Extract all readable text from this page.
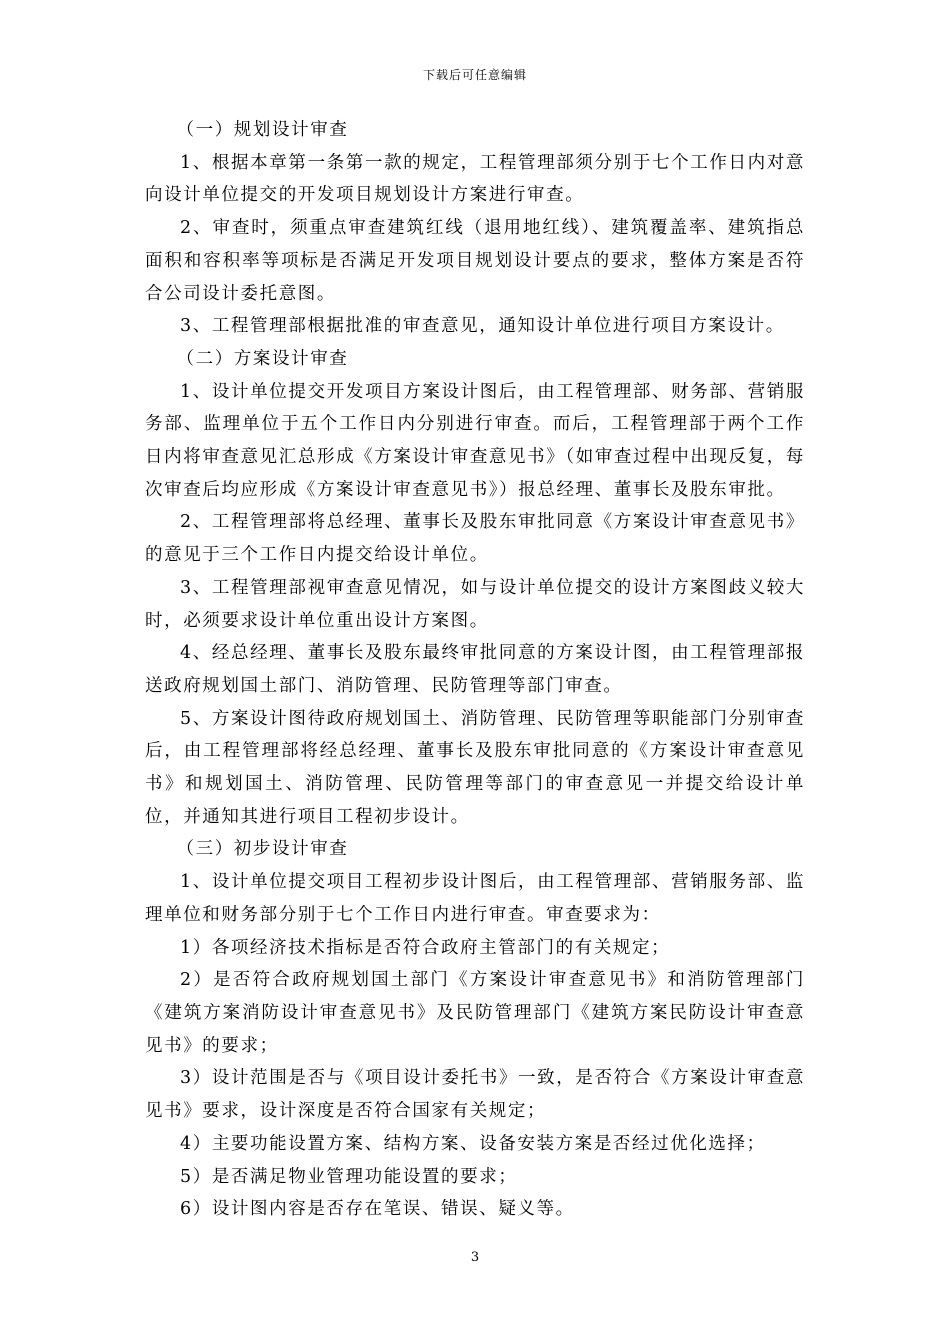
下载后可任意编辑

（一）规划设计审查

1、根据本章第一条第一款的规定，工程管理部须分别于七个工作日内对意向设计单位提交的开发项目规划设计方案进行审查。

2、审查时，须重点审查建筑红线（退用地红线）、建筑覆盖率、建筑指总面积和容积率等项标是否满足开发项目规划设计要点的要求，整体方案是否符合公司设计委托意图。

3、工程管理部根据批准的审查意见，通知设计单位进行项目方案设计。

（二）方案设计审查

1、设计单位提交开发项目方案设计图后，由工程管理部、财务部、营销服务部、监理单位于五个工作日内分别进行审查。而后，工程管理部于两个工作日内将审查意见汇总形成《方案设计审查意见书》（如审查过程中出现反复，每次审查后均应形成《方案设计审查意见书》）报总经理、董事长及股东审批。

2、工程管理部将总经理、董事长及股东审批同意《方案设计审查意见书》的意见于三个工作日内提交给设计单位。

3、工程管理部视审查意见情况，如与设计单位提交的设计方案图歧义较大时，必须要求设计单位重出设计方案图。

4、经总经理、董事长及股东最终审批同意的方案设计图，由工程管理部报送政府规划国土部门、消防管理、民防管理等部门审查。

5、方案设计图待政府规划国土、消防管理、民防管理等职能部门分别审查后，由工程管理部将经总经理、董事长及股东审批同意的《方案设计审查意见书》和规划国土、消防管理、民防管理等部门的审查意见一并提交给设计单位，并通知其进行项目工程初步设计。

（三）初步设计审查

1、设计单位提交项目工程初步设计图后，由工程管理部、营销服务部、监理单位和财务部分别于七个工作日内进行审查。审查要求为：

1）各项经济技术指标是否符合政府主管部门的有关规定；

2）是否符合政府规划国土部门《方案设计审查意见书》和消防管理部门《建筑方案消防设计审查意见书》及民防管理部门《建筑方案民防设计审查意见书》的要求；

3）设计范围是否与《项目设计委托书》一致，是否符合《方案设计审查意见书》要求，设计深度是否符合国家有关规定；

4）主要功能设置方案、结构方案、设备安装方案是否经过优化选择；

5）是否满足物业管理功能设置的要求；

6）设计图内容是否存在笔误、错误、疑义等。

3
